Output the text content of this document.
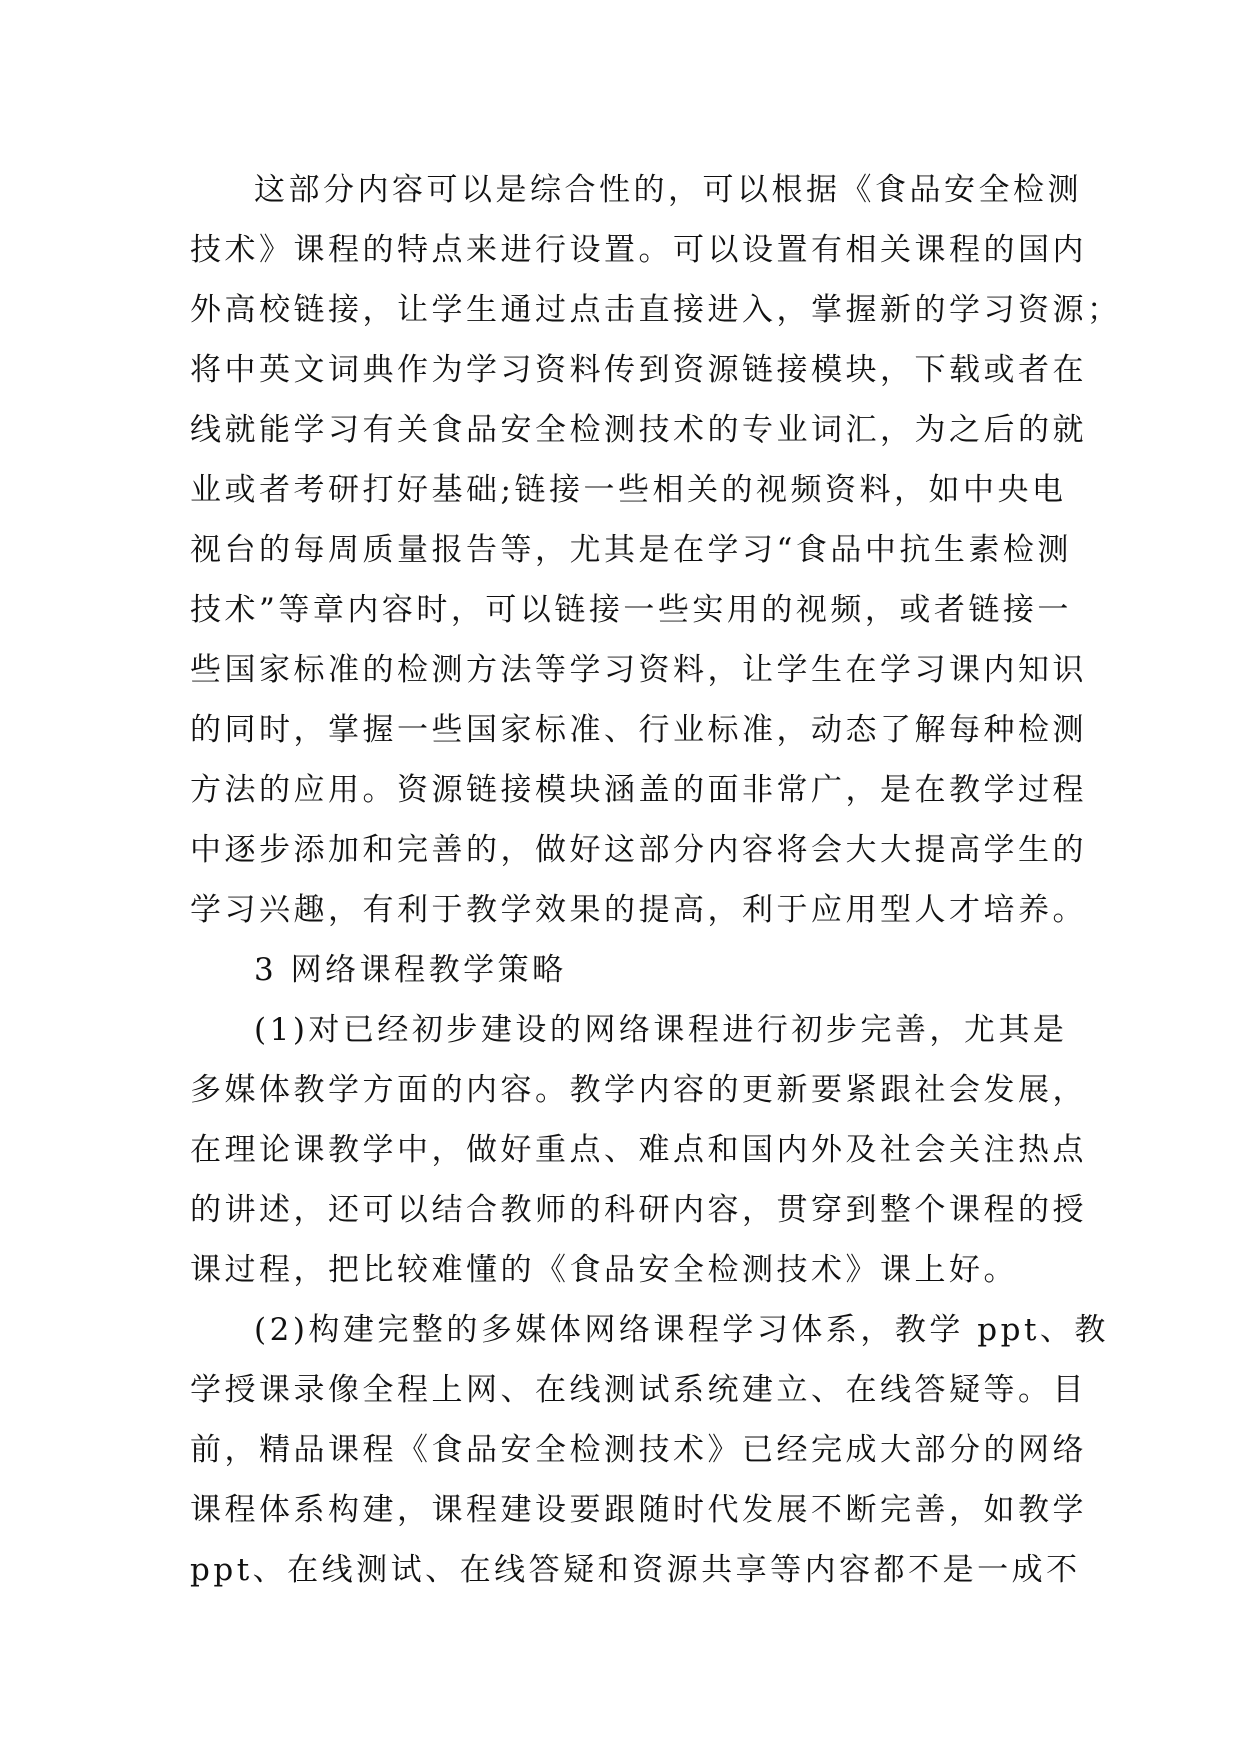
这部分内容可以是综合性的，可以根据《食品安全检测
技术》课程的特点来进行设置。可以设置有相关课程的国内
外高校链接，让学生通过点击直接进入，掌握新的学习资源；
将中英文词典作为学习资料传到资源链接模块，下载或者在
线就能学习有关食品安全检测技术的专业词汇，为之后的就
业或者考研打好基础;链接一些相关的视频资料，如中央电
视台的每周质量报告等，尤其是在学习“食品中抗生素检测
技术”等章内容时，可以链接一些实用的视频，或者链接一
些国家标准的检测方法等学习资料，让学生在学习课内知识
的同时，掌握一些国家标准、行业标准，动态了解每种检测
方法的应用。资源链接模块涵盖的面非常广，是在教学过程
中逐步添加和完善的，做好这部分内容将会大大提高学生的
学习兴趣，有利于教学效果的提高，利于应用型人才培养。
3 网络课程教学策略
(1)对已经初步建设的网络课程进行初步完善，尤其是
多媒体教学方面的内容。教学内容的更新要紧跟社会发展，
在理论课教学中，做好重点、难点和国内外及社会关注热点
的讲述，还可以结合教师的科研内容，贯穿到整个课程的授
课过程，把比较难懂的《食品安全检测技术》课上好。
(2)构建完整的多媒体网络课程学习体系，教学 ppt、教
学授课录像全程上网、在线测试系统建立、在线答疑等。目
前，精品课程《食品安全检测技术》已经完成大部分的网络
课程体系构建，课程建设要跟随时代发展不断完善，如教学
ppt、在线测试、在线答疑和资源共享等内容都不是一成不
